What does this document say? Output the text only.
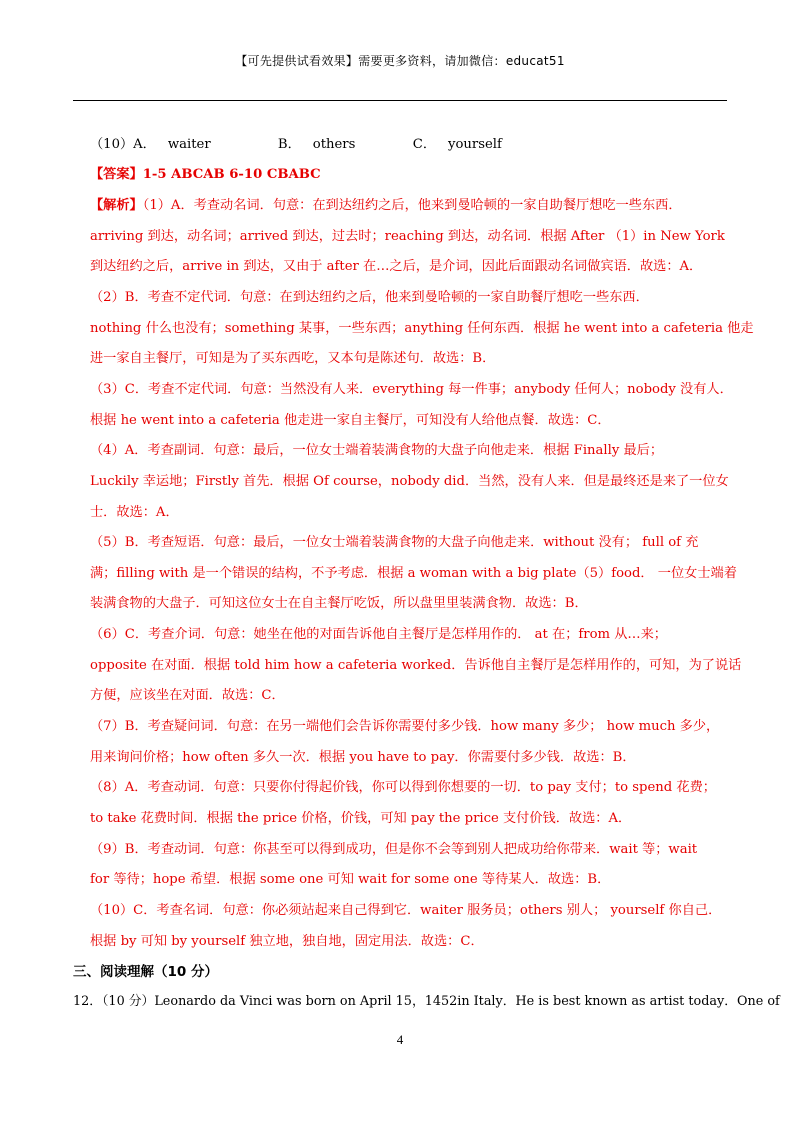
【可先提供试看效果】需要更多资料，请加微信：educat51
（10）A． waiter	B． others	C． yourself
【答案】1-5 ABCAB 6-10 CBABC
【解析】（1）A．考查动名词．句意：在到达纽约之后，他来到曼哈顿的一家自助餐厅想吃一些东西．
arriving 到达，动名词；arrived 到达，过去时；reaching 到达，动名词．根据 After （1）in New York
到达纽约之后，arrive in 到达，又由于 after 在…之后，是介词，因此后面跟动名词做宾语．故选：A．
（2）B．考查不定代词．句意：在到达纽约之后，他来到曼哈顿的一家自助餐厅想吃一些东西．
nothing 什么也没有；something 某事，一些东西；anything 任何东西．根据 he went into a cafeteria 他走
进一家自主餐厅，可知是为了买东西吃，又本句是陈述句．故选：B．
（3）C．考查不定代词．句意：当然没有人来．everything 每一件事；anybody 任何人；nobody 没有人．
根据 he went into a cafeteria 他走进一家自主餐厅，可知没有人给他点餐．故选：C．
（4）A．考查副词．句意：最后，一位女士端着装满食物的大盘子向他走来．根据 Finally 最后；
Luckily 幸运地；Firstly 首先．根据 Of course，nobody did．当然，没有人来．但是最终还是来了一位女
士．故选：A．
（5）B．考查短语．句意：最后，一位女士端着装满食物的大盘子向他走来．without 没有； full of 充
满；filling with 是一个错误的结构，不予考虑．根据 a woman with a big plate（5）food． 一位女士端着
装满食物的大盘子．可知这位女士在自主餐厅吃饭，所以盘里里装满食物．故选：B．
（6）C．考查介词．句意：她坐在他的对面告诉他自主餐厅是怎样用作的． at 在；from 从…来；
opposite 在对面．根据 told him how a cafeteria worked．告诉他自主餐厅是怎样用作的，可知，为了说话
方便，应该坐在对面．故选：C．
（7）B．考查疑问词．句意：在另一端他们会告诉你需要付多少钱．how many 多少； how much 多少，
用来询问价格；how often 多久一次．根据 you have to pay．你需要付多少钱．故选：B．
（8）A．考查动词．句意：只要你付得起价钱，你可以得到你想要的一切．to pay 支付；to spend 花费；
to take 花费时间．根据 the price 价格，价钱，可知 pay the price 支付价钱．故选：A．
（9）B．考查动词．句意：你甚至可以得到成功，但是你不会等到别人把成功给你带来．wait 等；wait
for 等待；hope 希望．根据 some one 可知 wait for some one 等待某人．故选：B．
（10）C．考查名词．句意：你必须站起来自己得到它．waiter 服务员；others 别人； yourself 你自己．
根据 by 可知 by yourself 独立地，独自地，固定用法．故选：C．
三、阅读理解（10 分）
12．（10 分）Leonardo da Vinci was born on April 15，1452in Italy．He is best known as artist today．One of
4
